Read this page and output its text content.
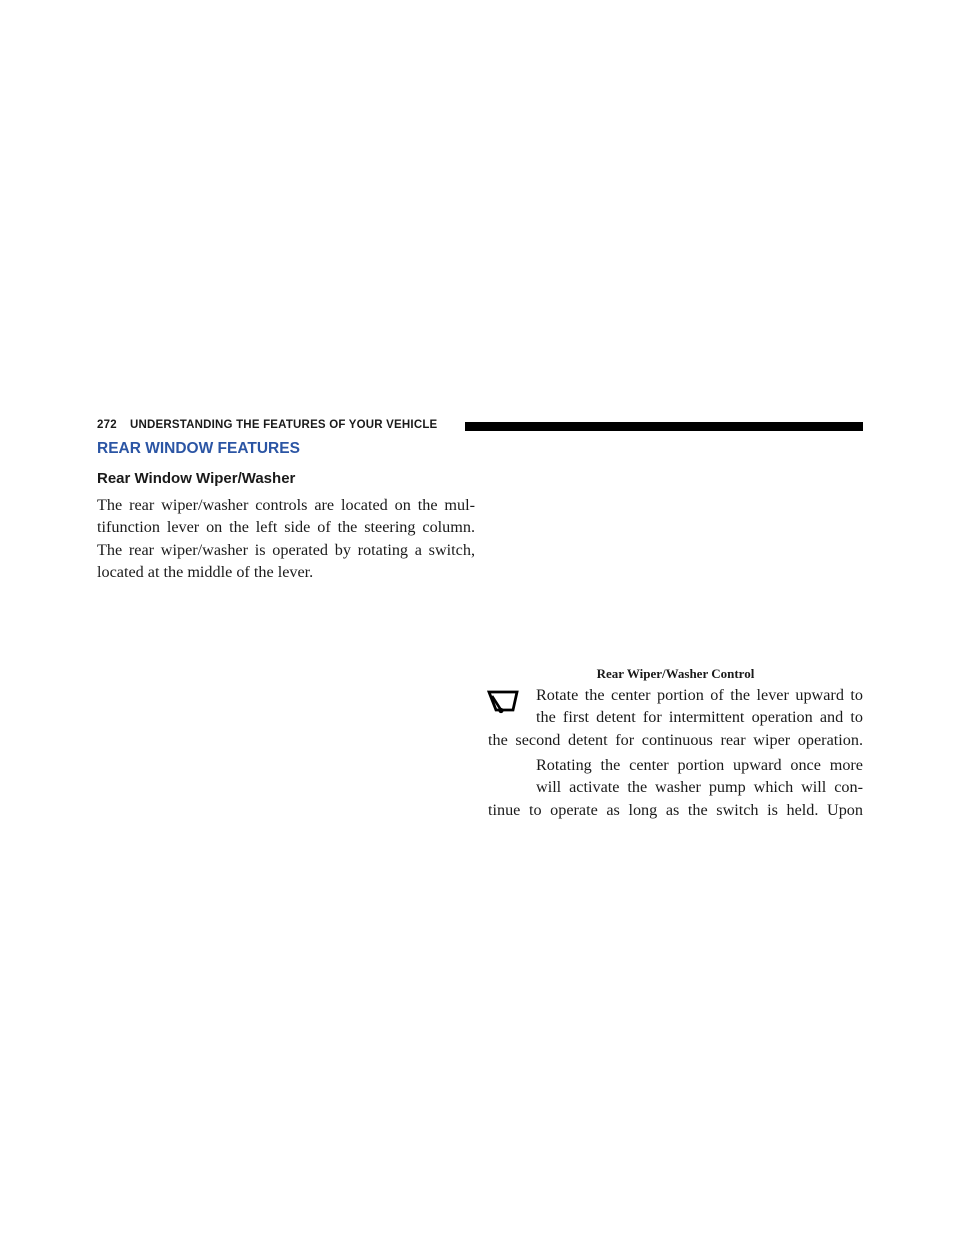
272 UNDERSTANDING THE FEATURES OF YOUR VEHICLE
REAR WINDOW FEATURES
Rear Window Wiper/Washer
The rear wiper/washer controls are located on the mul-
tifunction lever on the left side of the steering column.
The rear wiper/washer is operated by rotating a switch,
located at the middle of the lever.
Rear Wiper/Washer Control
Rotate the center portion of the lever upward to
the first detent for intermittent operation and to
the second detent for continuous rear wiper operation.
Rotating the center portion upward once more
will activate the washer pump which will con-
tinue to operate as long as the switch is held. Upon
